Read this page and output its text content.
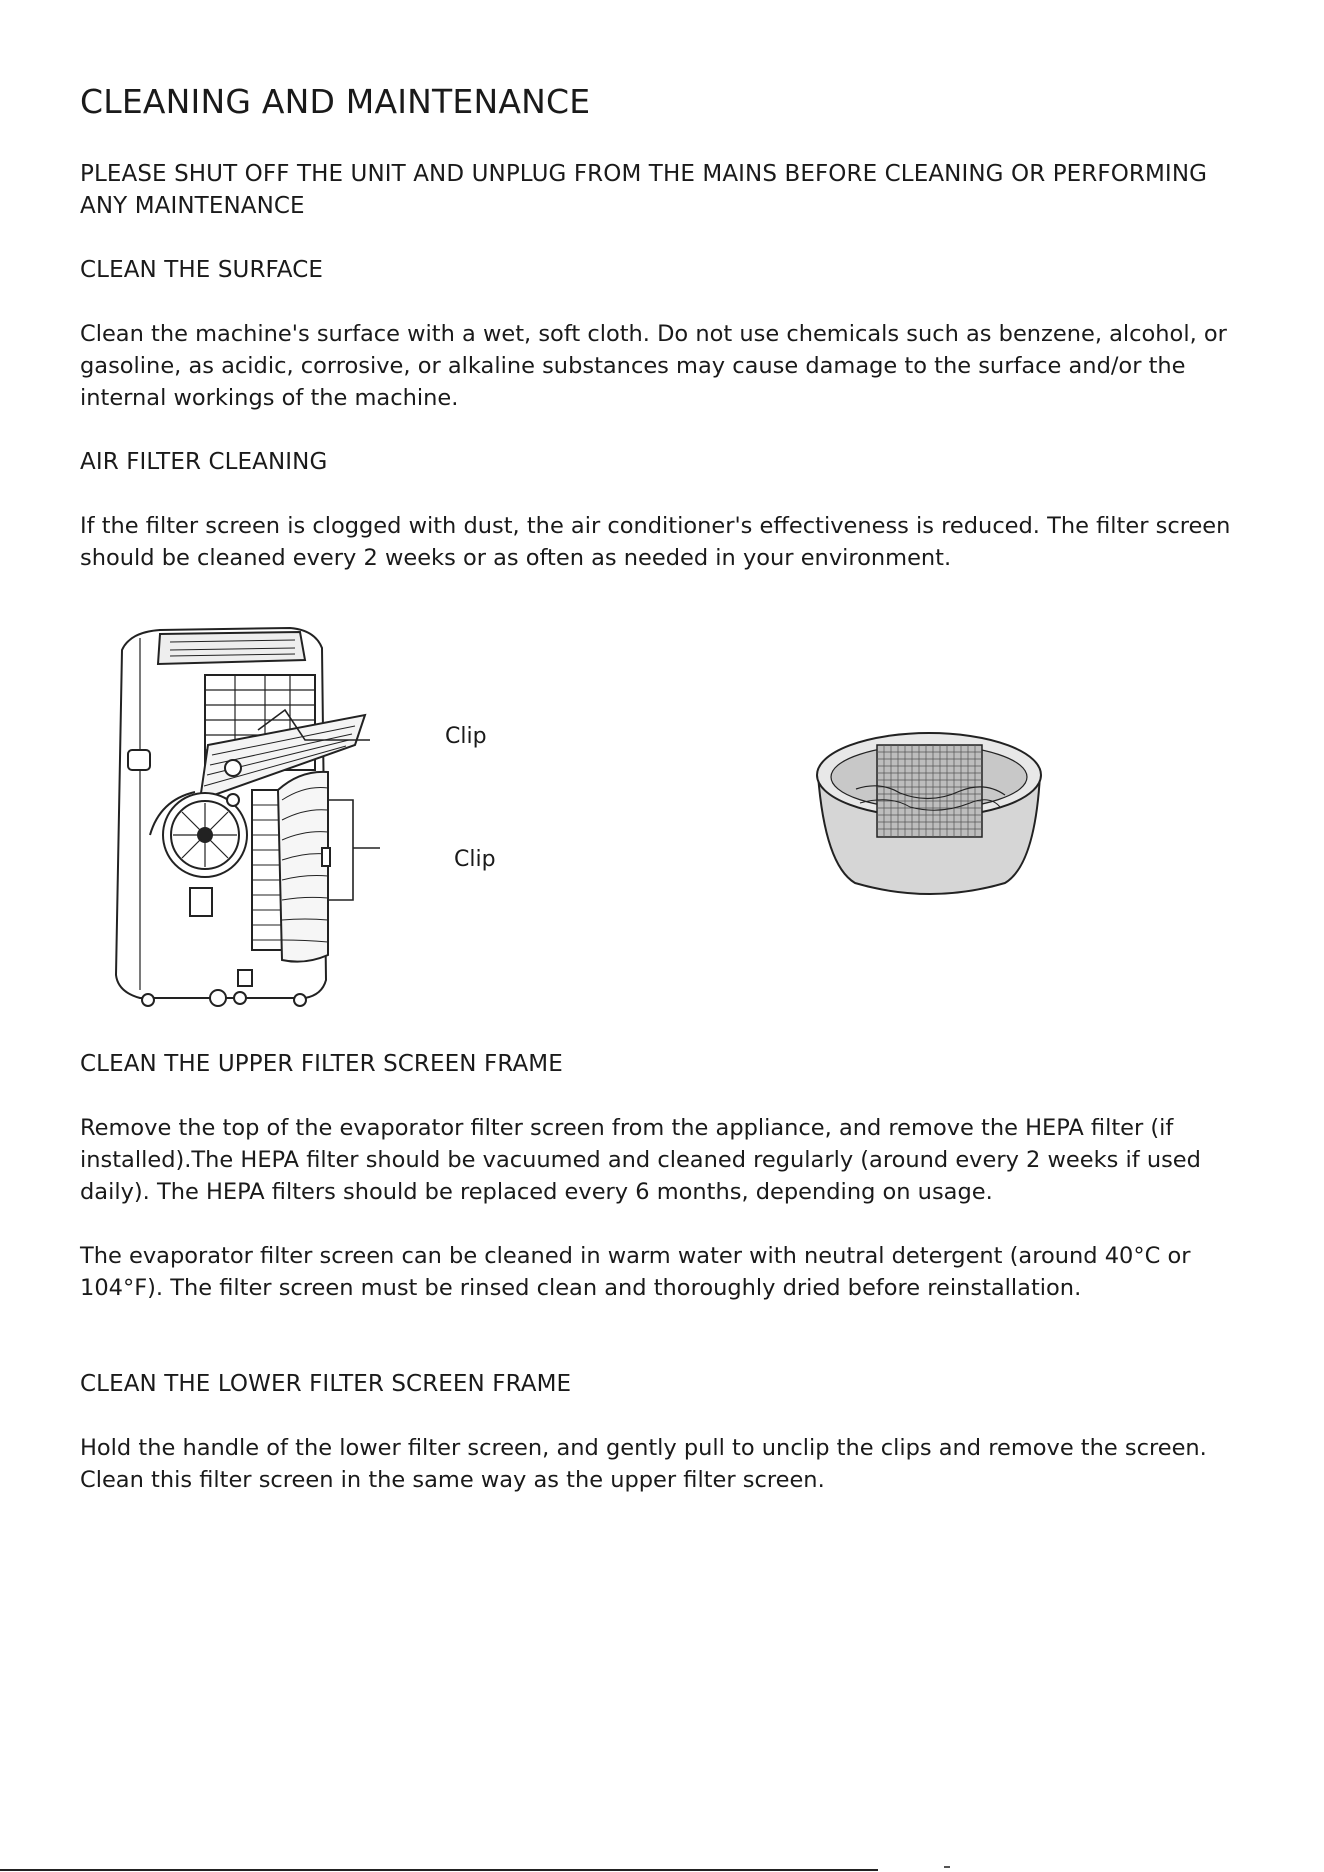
CLEANING AND MAINTENANCE

PLEASE SHUT OFF THE UNIT AND UNPLUG FROM THE MAINS BEFORE CLEANING OR PERFORMING ANY MAINTENANCE

CLEAN THE SURFACE

Clean the machine's surface with a wet, soft cloth. Do not use chemicals such as benzene, alcohol, or gasoline, as acidic, corrosive, or alkaline substances may cause damage to the surface and/or the internal workings of the machine.

AIR FILTER CLEANING

If the filter screen is clogged with dust, the air conditioner's effectiveness is reduced. The filter screen should be cleaned every 2 weeks or as often as needed in your environment.

Clip
Clip
CLEAN THE UPPER FILTER SCREEN FRAME

Remove the top of the evaporator filter screen from the appliance, and remove the HEPA filter (if installed).The HEPA filter should be vacuumed and cleaned regularly (around every 2 weeks if used daily). The HEPA filters should be replaced every 6 months, depending on usage.

The evaporator filter screen can be cleaned in warm water with neutral detergent (around 40°C or 104°F). The filter screen must be rinsed clean and thoroughly dried before reinstallation.

CLEAN THE LOWER FILTER SCREEN FRAME

Hold the handle of the lower filter screen, and gently pull to unclip the clips and remove the screen. Clean this filter screen in the same way as the upper filter screen.
